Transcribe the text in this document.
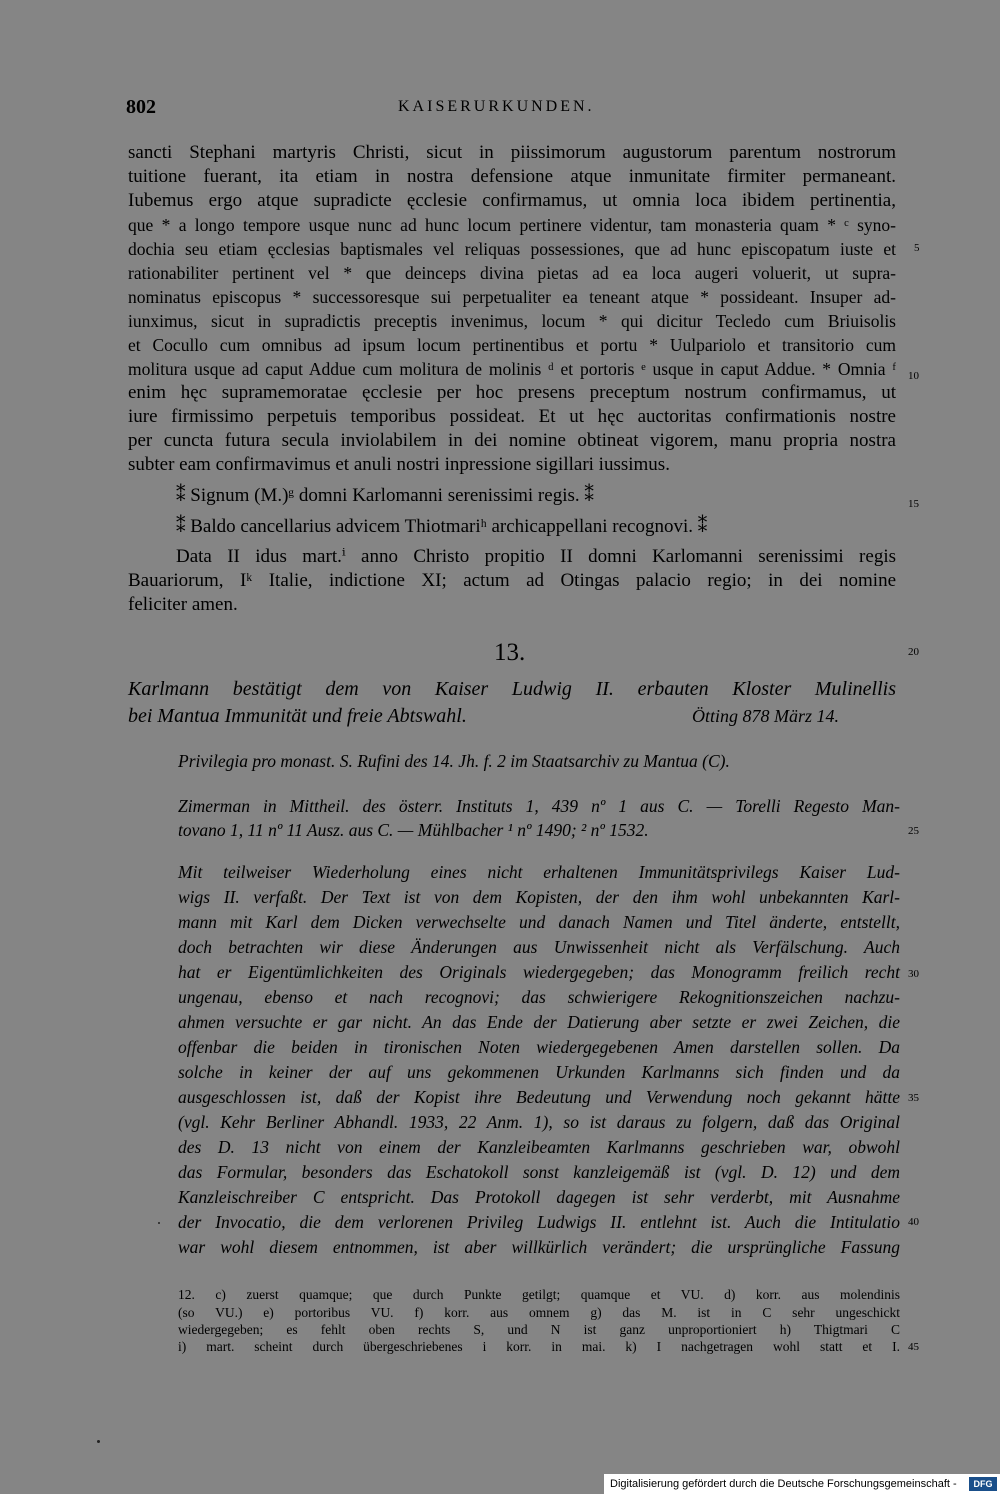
802	KAISERURKUNDEN.
sancti Stephani martyris Christi, sicut in piissimorum augustorum parentum nostrorum
tuitione fuerant, ita etiam in nostra defensione atque inmunitate firmiter permaneant.
Iubemus ergo atque supradicte ęcclesie confirmamus, ut omnia loca ibidem pertinentia,
que * a longo tempore usque nunc ad hunc locum pertinere videntur, tam monasteria quam * ᶜ syno-
dochia seu etiam ęcclesias baptismales vel reliquas possessiones, que ad hunc episcopatum iuste et
rationabiliter pertinent vel * que deinceps divina pietas ad ea loca augeri voluerit, ut supra-
nominatus episcopus * successoresque sui perpetualiter ea teneant atque * possideant. Insuper ad-
iunximus, sicut in supradictis preceptis invenimus, locum * qui dicitur Tecledo cum Briuisolis
et Cocullo cum omnibus ad ipsum locum pertinentibus et portu * Uulpariolo et transitorio cum
molitura usque ad caput Addue cum molitura de molinis ᵈ et portoris ᵉ usque in caput Addue. * Omnia ᶠ
enim hęc supramemoratae ęcclesie per hoc presens preceptum nostrum confirmamus, ut
iure firmissimo perpetuis temporibus possideat. Et ut hęc auctoritas confirmationis nostre
per cuncta futura secula inviolabilem in dei nomine obtineat vigorem, manu propria nostra
subter eam confirmavimus et anuli nostri inpressione sigillari iussimus.
⁑ Signum (M.)ᵍ domni Karlomanni serenissimi regis. ⁑
⁑ Baldo cancellarius advicem Thiotmariʰ archicappellani recognovi. ⁑
Data II idus mart.ⁱ anno Christo propitio II domni Karlomanni serenissimi regis
Bauariorum, Iᵏ Italie, indictione XI; actum ad Otingas palacio regio; in dei nomine
feliciter amen.
13.
Karlmann bestätigt dem von Kaiser Ludwig II. erbauten Kloster Mulinellis
bei Mantua Immunität und freie Abtswahl.	Ötting 878 März 14.
Privilegia pro monast. S. Rufini des 14. Jh. f. 2 im Staatsarchiv zu Mantua (C).
Zimerman in Mittheil. des österr. Instituts 1, 439 nº 1 aus C. — Torelli Regesto Man-
tovano 1, 11 nº 11 Ausz. aus C. — Mühlbacher ¹ nº 1490; ² nº 1532.
Mit teilweiser Wiederholung eines nicht erhaltenen Immunitätsprivilegs Kaiser Lud-
wigs II. verfaßt. Der Text ist von dem Kopisten, der den ihm wohl unbekannten Karl-
mann mit Karl dem Dicken verwechselte und danach Namen und Titel änderte, entstellt,
doch betrachten wir diese Änderungen aus Unwissenheit nicht als Verfälschung. Auch
hat er Eigentümlichkeiten des Originals wiedergegeben; das Monogramm freilich recht
ungenau, ebenso et nach recognovi; das schwierigere Rekognitionszeichen nachzu-
ahmen versuchte er gar nicht. An das Ende der Datierung aber setzte er zwei Zeichen, die
offenbar die beiden in tironischen Noten wiedergegebenen Amen darstellen sollen. Da
solche in keiner der auf uns gekommenen Urkunden Karlmanns sich finden und da
ausgeschlossen ist, daß der Kopist ihre Bedeutung und Verwendung noch gekannt hätte
(vgl. Kehr Berliner Abhandl. 1933, 22 Anm. 1), so ist daraus zu folgern, daß das Original
des D. 13 nicht von einem der Kanzleibeamten Karlmanns geschrieben war, obwohl
das Formular, besonders das Eschatokoll sonst kanzleigemäß ist (vgl. D. 12) und dem
Kanzleischreiber C entspricht. Das Protokoll dagegen ist sehr verderbt, mit Ausnahme
der Invocatio, die dem verlorenen Privileg Ludwigs II. entlehnt ist. Auch die Intitulatio
war wohl diesem entnommen, ist aber willkürlich verändert; die ursprüngliche Fassung
12. c) zuerst quamque; que durch Punkte getilgt; quamque et VU. d) korr. aus molendinis
(so VU.) e) portoribus VU. f) korr. aus omnem g) das M. ist in C sehr ungeschickt
wiedergegeben; es fehlt oben rechts S, und N ist ganz unproportioniert h) Thigtmari C
i) mart. scheint durch übergeschriebenes i korr. in mai. k) I nachgetragen wohl statt et I.
5
10
15
20
25
30
35
40
45
Digitalisierung gefördert durch die Deutsche Forschungsgemeinschaft -	DFG
